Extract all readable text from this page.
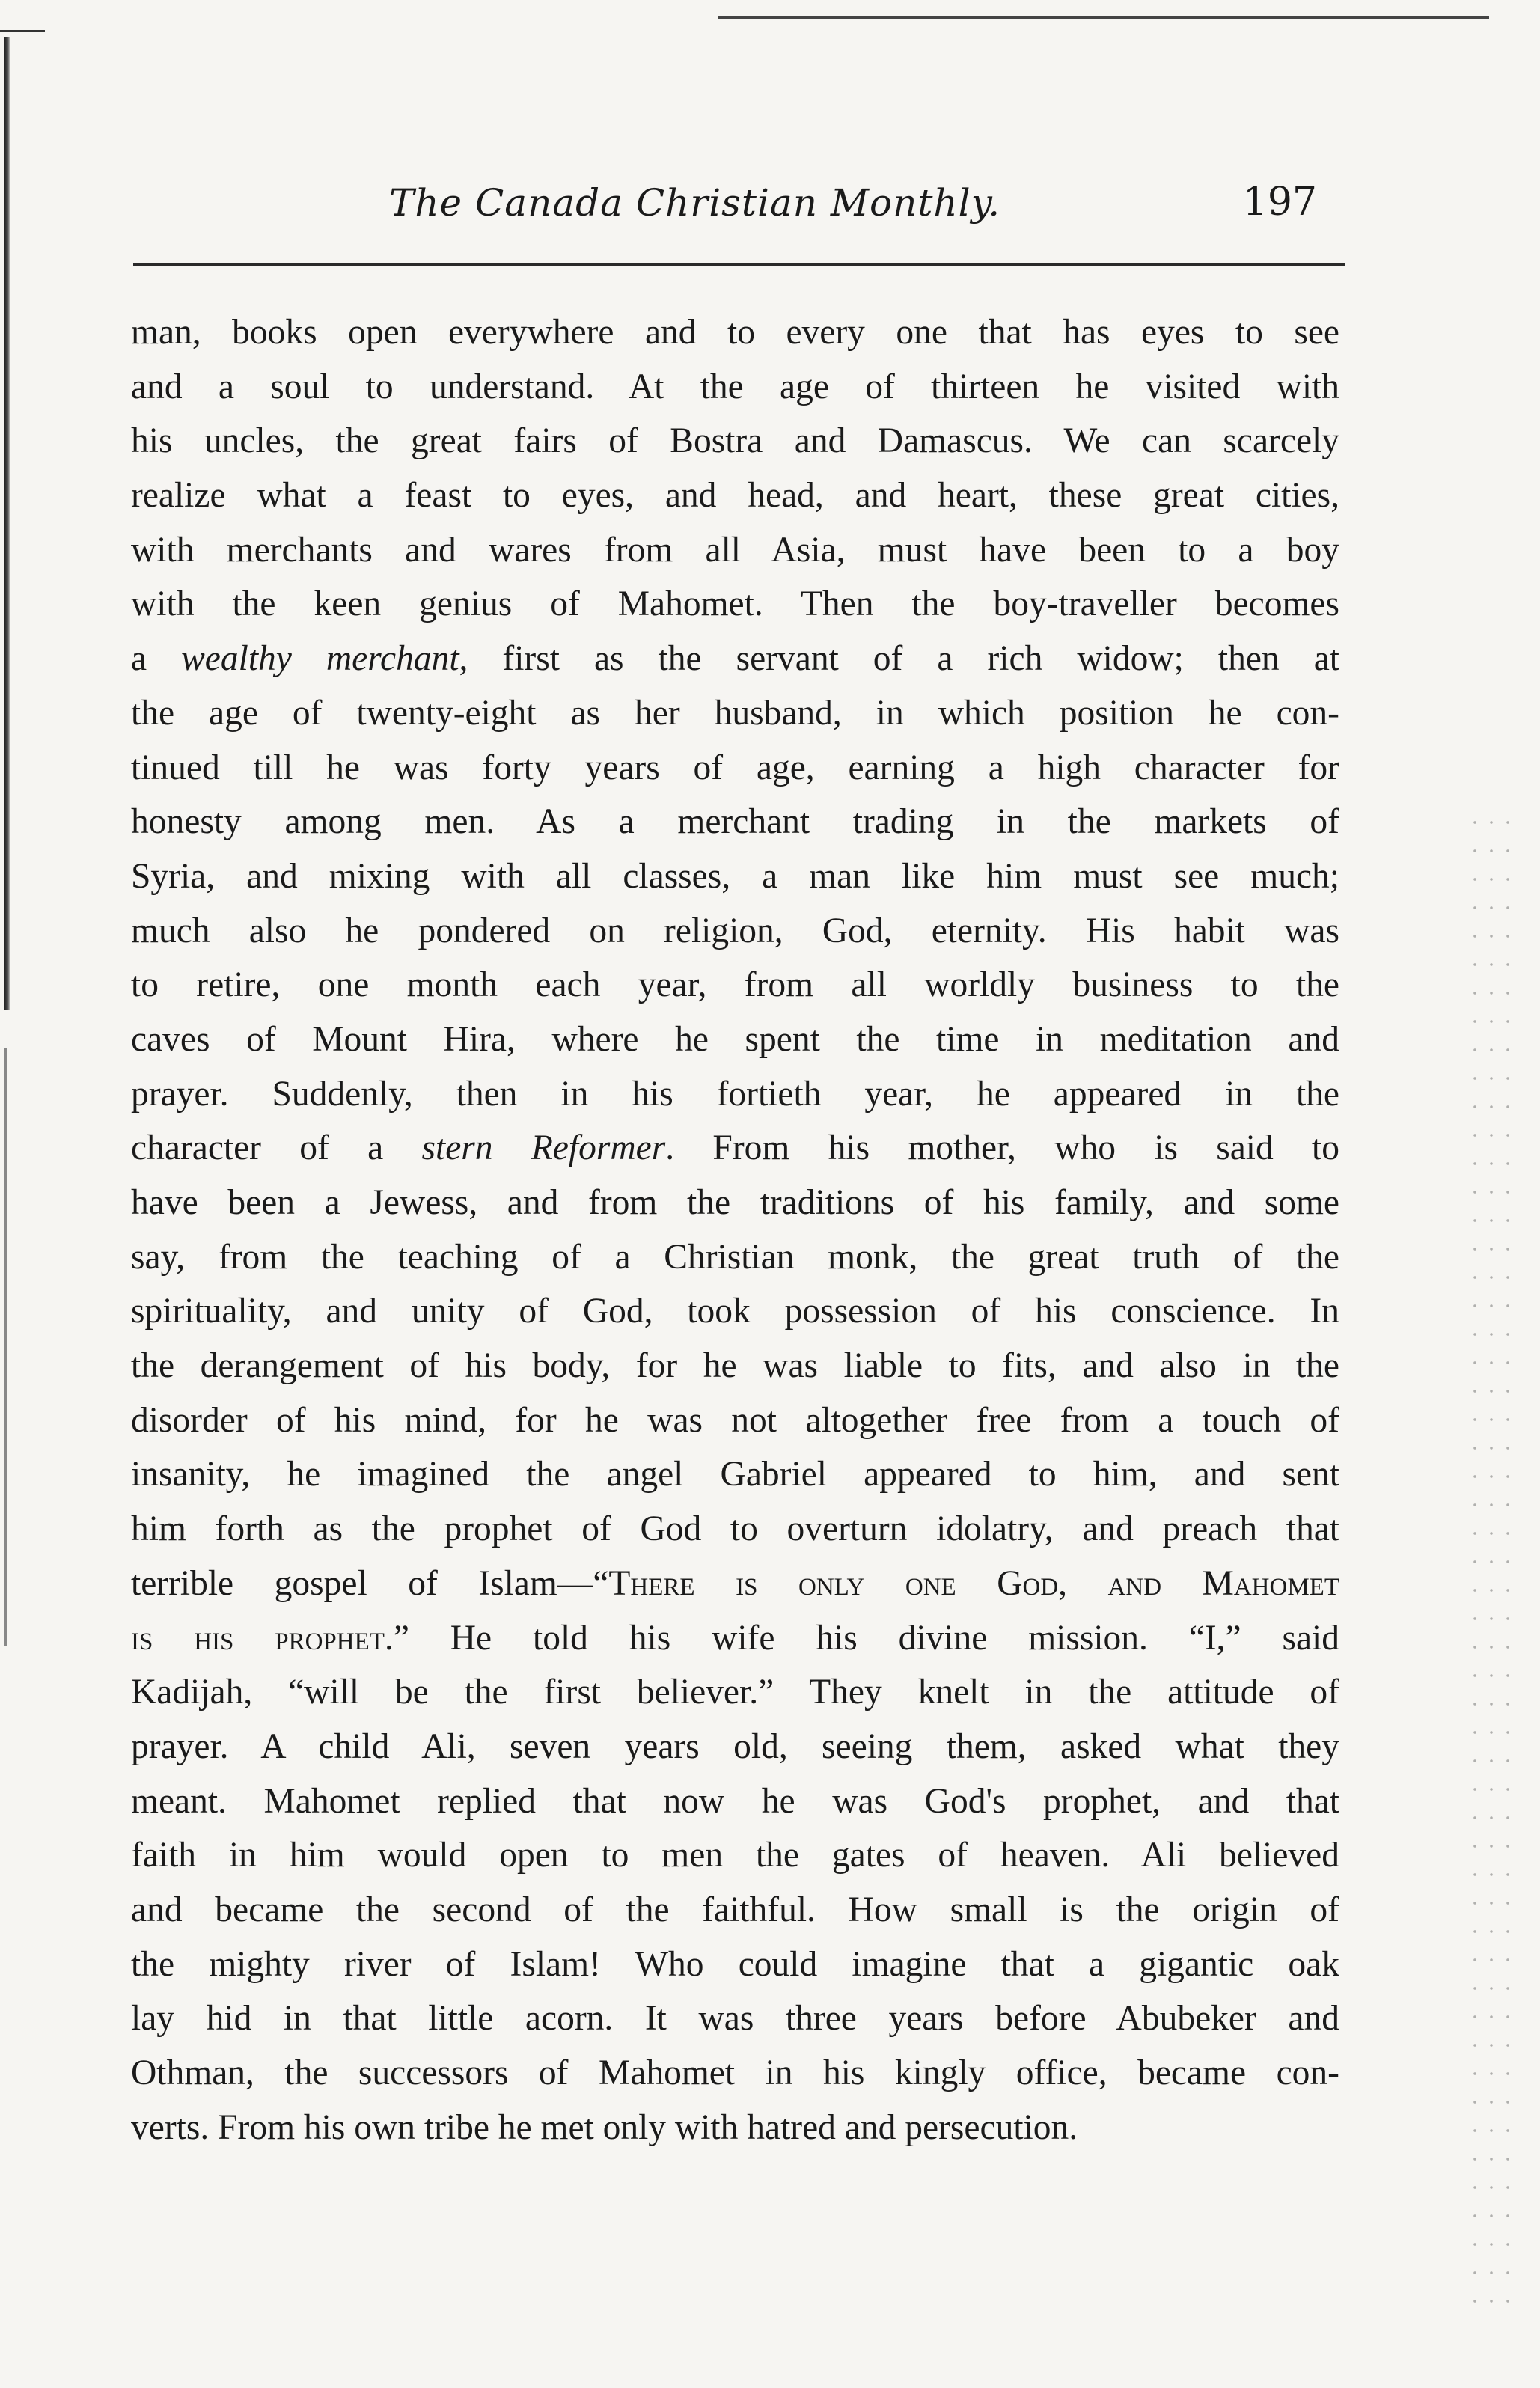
The Canada Christian Monthly.	197
man, books open everywhere and to every one that has eyes to see
and a soul to understand. At the age of thirteen he visited with
his uncles, the great fairs of Bostra and Damascus. We can scarcely
realize what a feast to eyes, and head, and heart, these great cities,
with merchants and wares from all Asia, must have been to a boy
with the keen genius of Mahomet. Then the boy-traveller becomes
a wealthy merchant, first as the servant of a rich widow; then at
the age of twenty-eight as her husband, in which position he con-
tinued till he was forty years of age, earning a high character for
honesty among men. As a merchant trading in the markets of
Syria, and mixing with all classes, a man like him must see much;
much also he pondered on religion, God, eternity. His habit was
to retire, one month each year, from all worldly business to the
caves of Mount Hira, where he spent the time in meditation and
prayer. Suddenly, then in his fortieth year, he appeared in the
character of a stern Reformer. From his mother, who is said to
have been a Jewess, and from the traditions of his family, and some
say, from the teaching of a Christian monk, the great truth of the
spirituality, and unity of God, took possession of his conscience. In
the derangement of his body, for he was liable to fits, and also in the
disorder of his mind, for he was not altogether free from a touch of
insanity, he imagined the angel Gabriel appeared to him, and sent
him forth as the prophet of God to overturn idolatry, and preach that
terrible gospel of Islam—“There is only one God, and Mahomet
is his prophet.” He told his wife his divine mission. “I,” said
Kadijah, “will be the first believer.” They knelt in the attitude of
prayer. A child Ali, seven years old, seeing them, asked what they
meant. Mahomet replied that now he was God's prophet, and that
faith in him would open to men the gates of heaven. Ali believed
and became the second of the faithful. How small is the origin of
the mighty river of Islam! Who could imagine that a gigantic oak
lay hid in that little acorn. It was three years before Abubeker and
Othman, the successors of Mahomet in his kingly office, became con-
verts. From his own tribe he met only with hatred and persecution.
